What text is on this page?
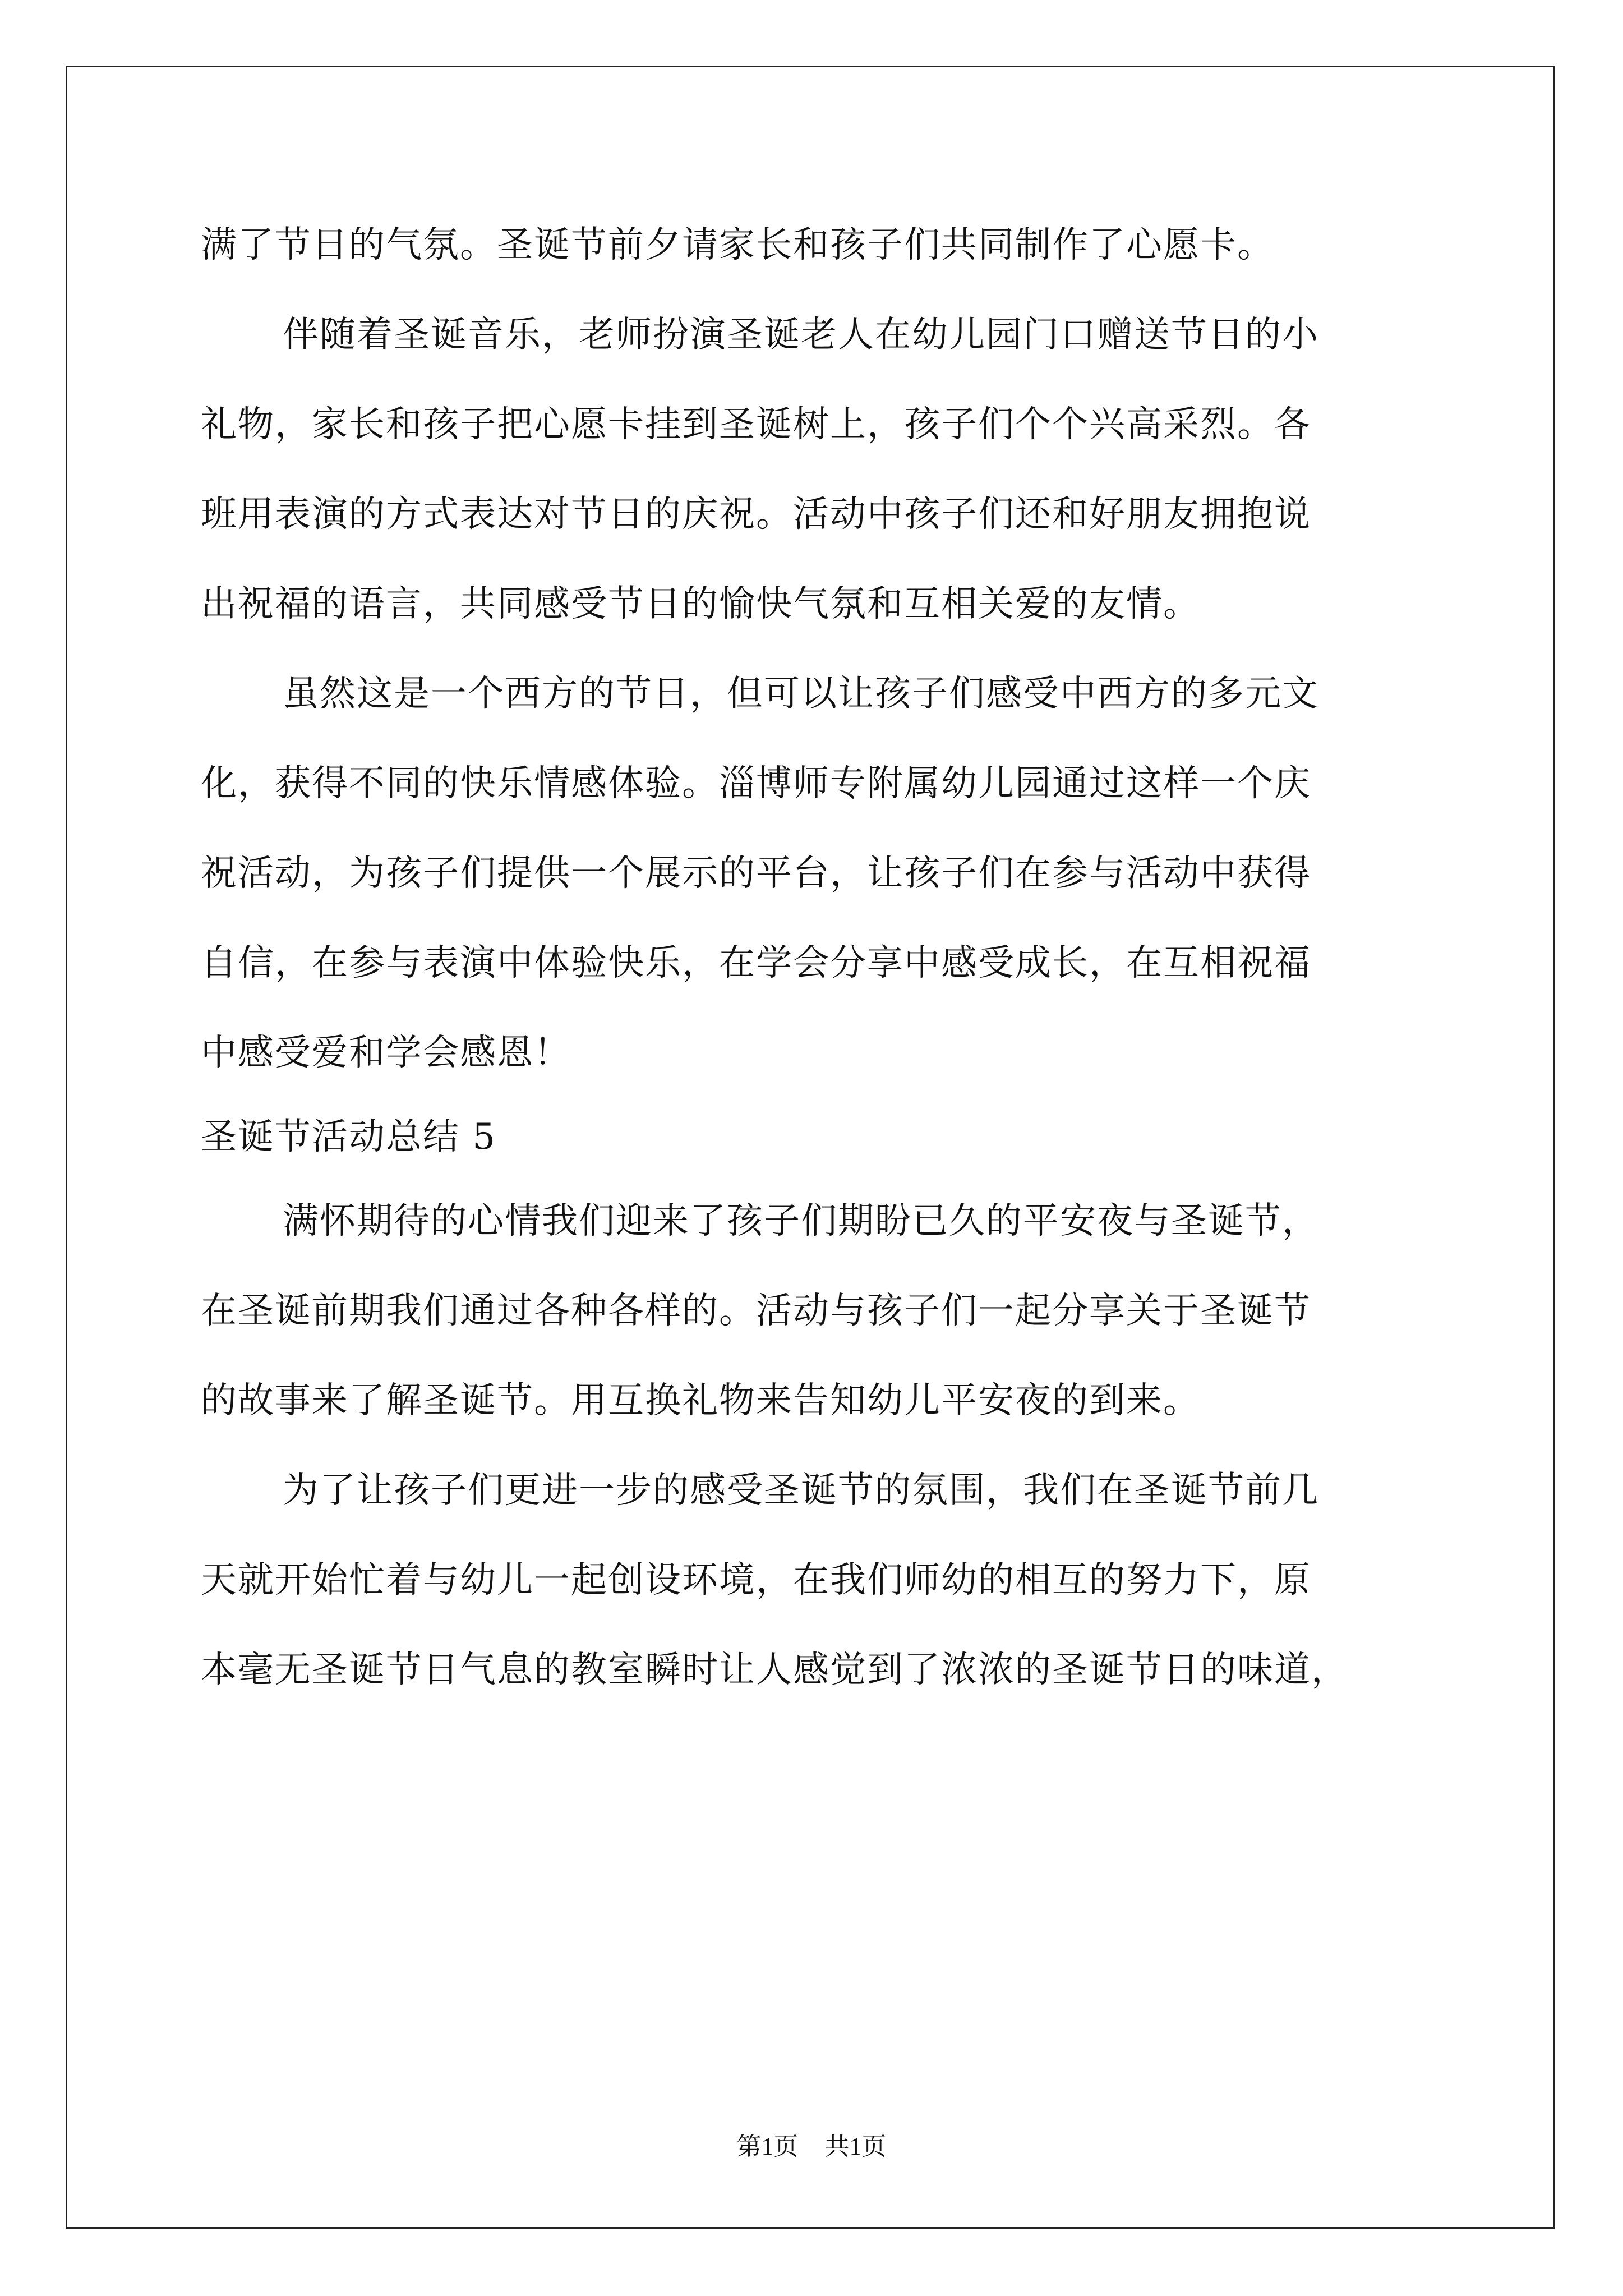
满了节日的气氛。圣诞节前夕请家长和孩子们共同制作了心愿卡。
伴随着圣诞音乐，老师扮演圣诞老人在幼儿园门口赠送节日的小
礼物，家长和孩子把心愿卡挂到圣诞树上，孩子们个个兴高采烈。各
班用表演的方式表达对节日的庆祝。活动中孩子们还和好朋友拥抱说
出祝福的语言，共同感受节日的愉快气氛和互相关爱的友情。
虽然这是一个西方的节日，但可以让孩子们感受中西方的多元文
化，获得不同的快乐情感体验。淄博师专附属幼儿园通过这样一个庆
祝活动，为孩子们提供一个展示的平台，让孩子们在参与活动中获得
自信，在参与表演中体验快乐，在学会分享中感受成长，在互相祝福
中感受爱和学会感恩！
圣诞节活动总结 5
满怀期待的心情我们迎来了孩子们期盼已久的平安夜与圣诞节，
在圣诞前期我们通过各种各样的。活动与孩子们一起分享关于圣诞节
的故事来了解圣诞节。用互换礼物来告知幼儿平安夜的到来。
为了让孩子们更进一步的感受圣诞节的氛围，我们在圣诞节前几
天就开始忙着与幼儿一起创设环境，在我们师幼的相互的努力下，原
本毫无圣诞节日气息的教室瞬时让人感觉到了浓浓的圣诞节日的味道，
第1页 共1页
